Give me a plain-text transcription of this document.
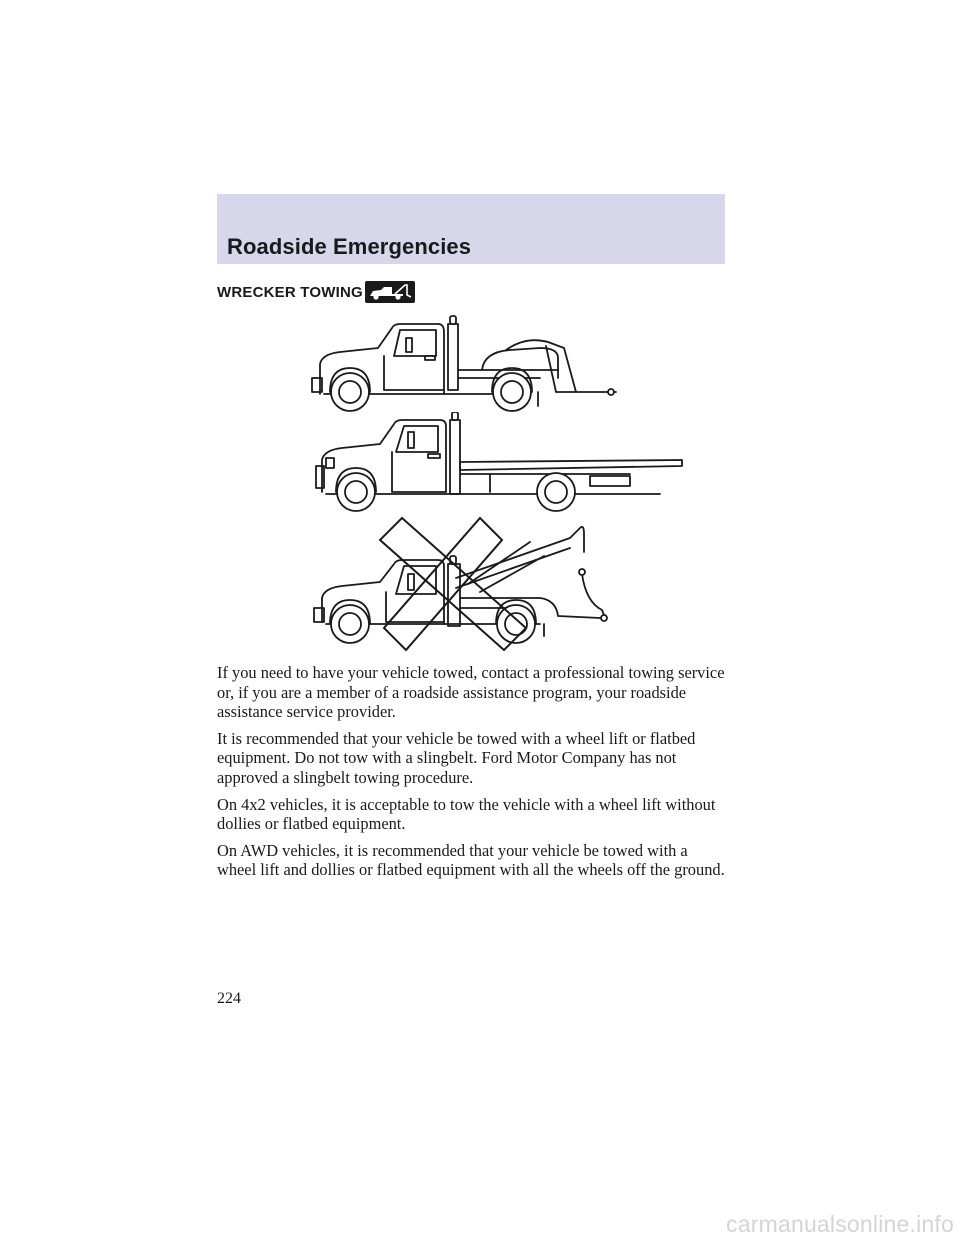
Roadside Emergencies
WRECKER TOWING

If you need to have your vehicle towed, contact a professional towing service or, if you are a member of a roadside assistance program, your roadside assistance service provider.

It is recommended that your vehicle be towed with a wheel lift or flatbed equipment. Do not tow with a slingbelt. Ford Motor Company has not approved a slingbelt towing procedure.

On 4x2 vehicles, it is acceptable to tow the vehicle with a wheel lift without dollies or flatbed equipment.

On AWD vehicles, it is recommended that your vehicle be towed with a wheel lift and dollies or flatbed equipment with all the wheels off the ground.

224

carmanualsonline.info
